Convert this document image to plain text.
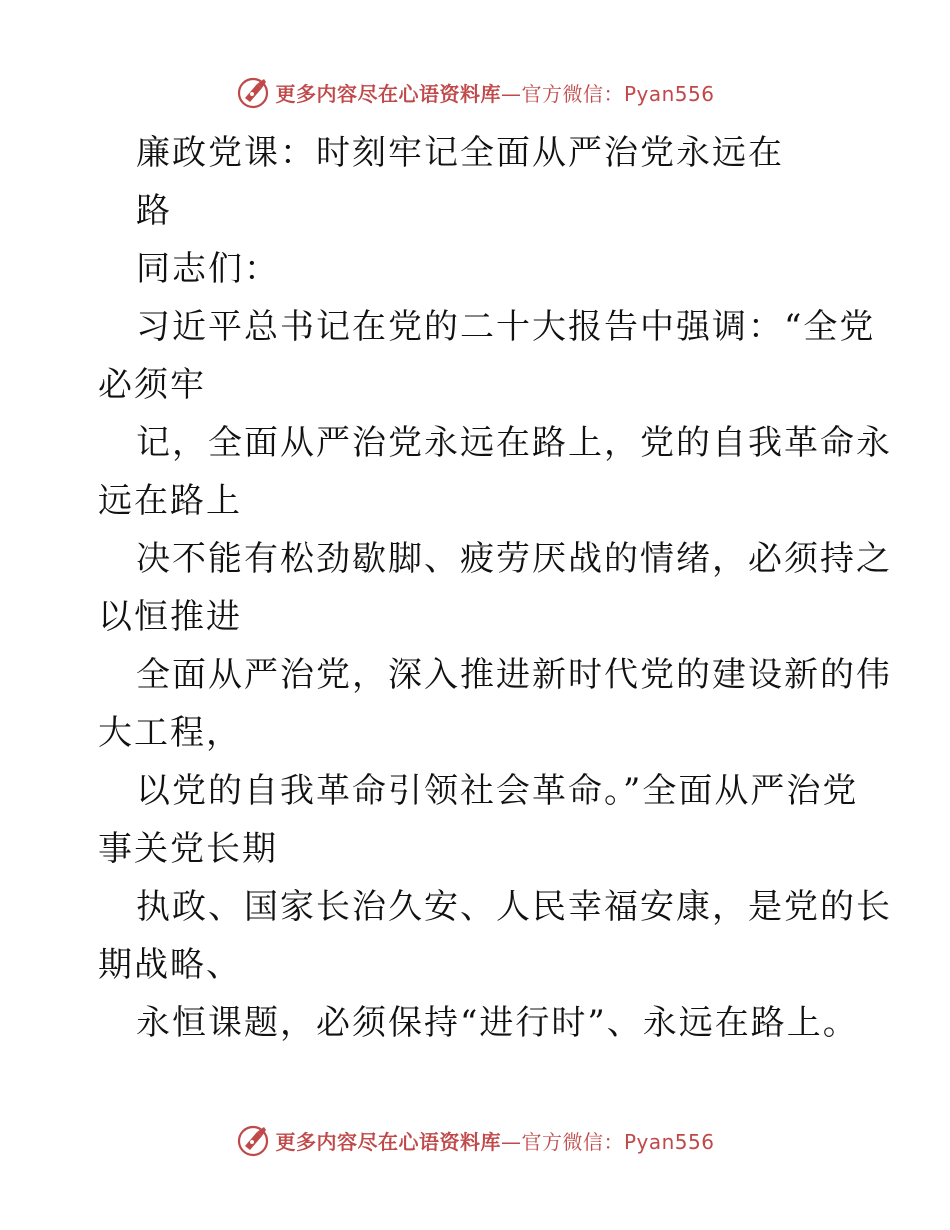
更多内容尽在心语资料库—官方微信：Pyan556
廉政党课：时刻牢记全面从严治党永远在
路
同志们：
习近平总书记在党的二十大报告中强调：“全党
必须牢
记，全面从严治党永远在路上，党的自我革命永
远在路上
决不能有松劲歇脚、疲劳厌战的情绪，必须持之
以恒推进
全面从严治党，深入推进新时代党的建设新的伟
大工程，
以党的自我革命引领社会革命。”全面从严治党
事关党长期
执政、国家长治久安、人民幸福安康，是党的长
期战略、
永恒课题，必须保持“进行时”、永远在路上。
更多内容尽在心语资料库—官方微信：Pyan556
